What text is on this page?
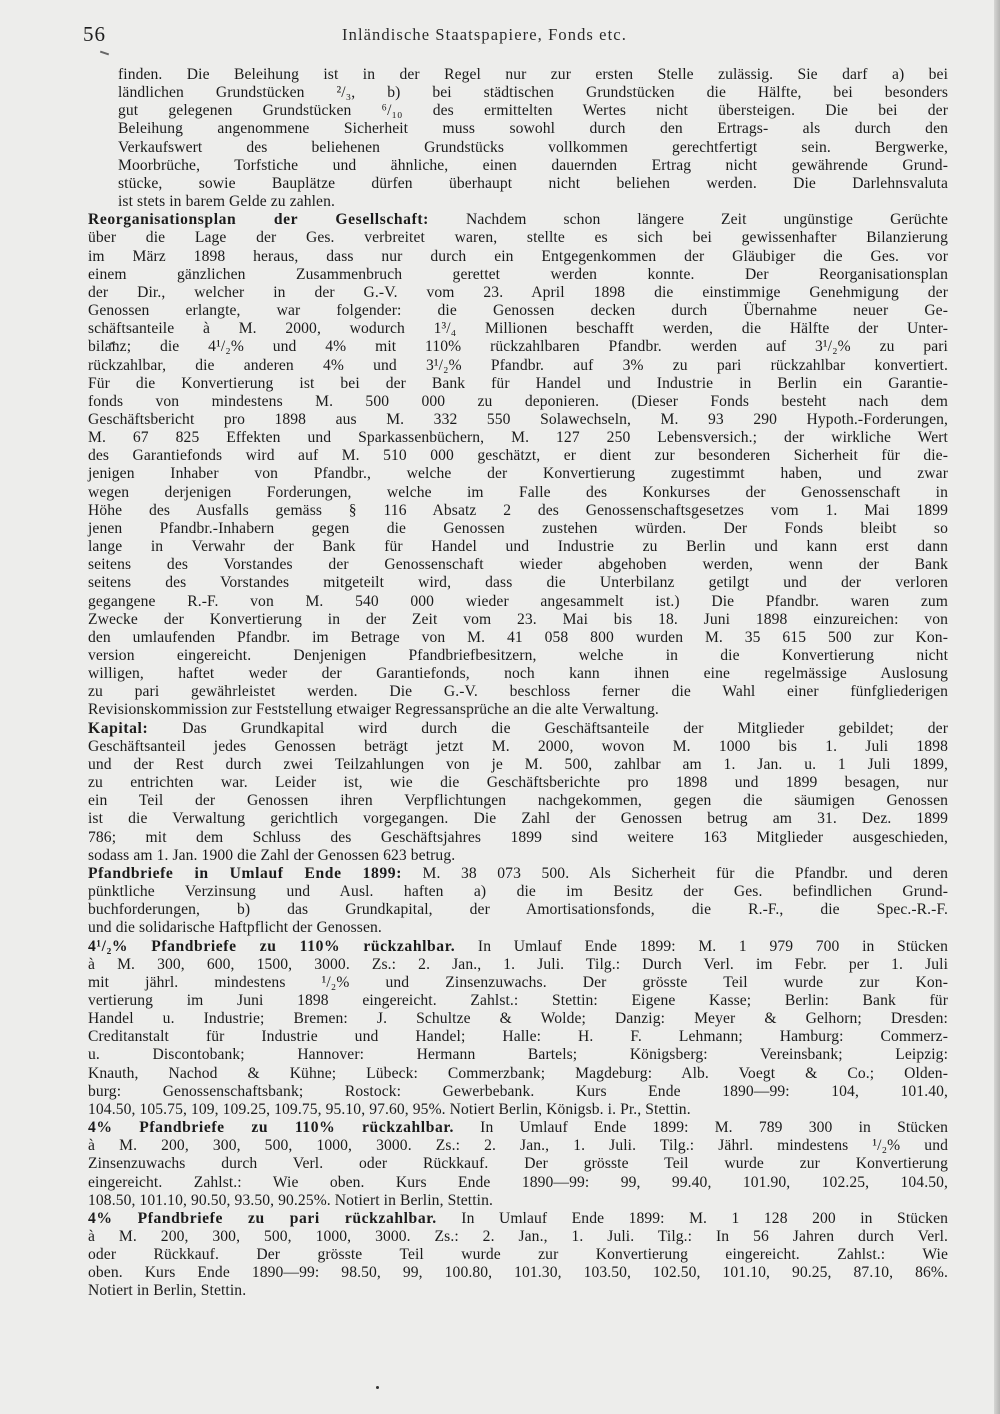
56	Inländische Staatspapiere, Fonds etc.
finden. Die Beleihung ist in der Regel nur zur ersten Stelle zulässig. Sie darf a) bei
ländlichen Grundstücken ²/₃, b) bei städtischen Grundstücken die Hälfte, bei besonders
gut gelegenen Grundstücken ⁶/₁₀ des ermittelten Wertes nicht übersteigen. Die bei der
Beleihung angenommene Sicherheit muss sowohl durch den Ertrags- als durch den
Verkaufswert des beliehenen Grundstücks vollkommen gerechtfertigt sein. Bergwerke,
Moorbrüche, Torfstiche und ähnliche, einen dauernden Ertrag nicht gewährende Grund-
stücke, sowie Bauplätze dürfen überhaupt nicht beliehen werden. Die Darlehnsvaluta
ist stets in barem Gelde zu zahlen.
Reorganisationsplan der Gesellschaft: Nachdem schon längere Zeit ungünstige Gerüchte
über die Lage der Ges. verbreitet waren, stellte es sich bei gewissenhafter Bilanzierung
im März 1898 heraus, dass nur durch ein Entgegenkommen der Gläubiger die Ges. vor
einem gänzlichen Zusammenbruch gerettet werden konnte. Der Reorganisationsplan
der Dir., welcher in der G.-V. vom 23. April 1898 die einstimmige Genehmigung der
Genossen erlangte, war folgender: die Genossen decken durch Übernahme neuer Ge-
schäftsanteile à M. 2000, wodurch 1³/₄ Millionen beschafft werden, die Hälfte der Unter-
bilanz; die 4¹/₂% und 4% mit 110% rückzahlbaren Pfandbr. werden auf 3¹/₂% zu pari
rückzahlbar, die anderen 4% und 3¹/₂% Pfandbr. auf 3% zu pari rückzahlbar konvertiert.
Für die Konvertierung ist bei der Bank für Handel und Industrie in Berlin ein Garantie-
fonds von mindestens M. 500 000 zu deponieren. (Dieser Fonds besteht nach dem
Geschäftsbericht pro 1898 aus M. 332 550 Solawechseln, M. 93 290 Hypoth.-Forderungen,
M. 67 825 Effekten und Sparkassenbüchern, M. 127 250 Lebensversich.; der wirkliche Wert
des Garantiefonds wird auf M. 510 000 geschätzt, er dient zur besonderen Sicherheit für die-
jenigen Inhaber von Pfandbr., welche der Konvertierung zugestimmt haben, und zwar
wegen derjenigen Forderungen, welche im Falle des Konkurses der Genossenschaft in
Höhe des Ausfalls gemäss § 116 Absatz 2 des Genossenschaftsgesetzes vom 1. Mai 1899
jenen Pfandbr.-Inhabern gegen die Genossen zustehen würden. Der Fonds bleibt so
lange in Verwahr der Bank für Handel und Industrie zu Berlin und kann erst dann
seitens des Vorstandes der Genossenschaft wieder abgehoben werden, wenn der Bank
seitens des Vorstandes mitgeteilt wird, dass die Unterbilanz getilgt und der verloren
gegangene R.-F. von M. 540 000 wieder angesammelt ist.) Die Pfandbr. waren zum
Zwecke der Konvertierung in der Zeit vom 23. Mai bis 18. Juni 1898 einzureichen: von
den umlaufenden Pfandbr. im Betrage von M. 41 058 800 wurden M. 35 615 500 zur Kon-
version eingereicht. Denjenigen Pfandbriefbesitzern, welche in die Konvertierung nicht
willigen, haftet weder der Garantiefonds, noch kann ihnen eine regelmässige Auslosung
zu pari gewährleistet werden. Die G.-V. beschloss ferner die Wahl einer fünfgliederigen
Revisionskommission zur Feststellung etwaiger Regressansprüche an die alte Verwaltung.
Kapital: Das Grundkapital wird durch die Geschäftsanteile der Mitglieder gebildet; der
Geschäftsanteil jedes Genossen beträgt jetzt M. 2000, wovon M. 1000 bis 1. Juli 1898
und der Rest durch zwei Teilzahlungen von je M. 500, zahlbar am 1. Jan. u. 1 Juli 1899,
zu entrichten war. Leider ist, wie die Geschäftsberichte pro 1898 und 1899 besagen, nur
ein Teil der Genossen ihren Verpflichtungen nachgekommen, gegen die säumigen Genossen
ist die Verwaltung gerichtlich vorgegangen. Die Zahl der Genossen betrug am 31. Dez. 1899
786; mit dem Schluss des Geschäftsjahres 1899 sind weitere 163 Mitglieder ausgeschieden,
sodass am 1. Jan. 1900 die Zahl der Genossen 623 betrug.
Pfandbriefe in Umlauf Ende 1899: M. 38 073 500. Als Sicherheit für die Pfandbr. und deren
pünktliche Verzinsung und Ausl. haften a) die im Besitz der Ges. befindlichen Grund-
buchforderungen, b) das Grundkapital, der Amortisationsfonds, die R.-F., die Spec.-R.-F.
und die solidarische Haftpflicht der Genossen.
4¹/₂% Pfandbriefe zu 110% rückzahlbar. In Umlauf Ende 1899: M. 1 979 700 in Stücken
à M. 300, 600, 1500, 3000. Zs.: 2. Jan., 1. Juli. Tilg.: Durch Verl. im Febr. per 1. Juli
mit jährl. mindestens ¹/₂% und Zinsenzuwachs. Der grösste Teil wurde zur Kon-
vertierung im Juni 1898 eingereicht. Zahlst.: Stettin: Eigene Kasse; Berlin: Bank für
Handel u. Industrie; Bremen: J. Schultze & Wolde; Danzig: Meyer & Gelhorn; Dresden:
Creditanstalt für Industrie und Handel; Halle: H. F. Lehmann; Hamburg: Commerz-
u. Discontobank; Hannover: Hermann Bartels; Königsberg: Vereinsbank; Leipzig:
Knauth, Nachod & Kühne; Lübeck: Commerzbank; Magdeburg: Alb. Voegt & Co.; Olden-
burg: Genossenschaftsbank; Rostock: Gewerbebank. Kurs Ende 1890—99: 104, 101.40,
104.50, 105.75, 109, 109.25, 109.75, 95.10, 97.60, 95%. Notiert Berlin, Königsb. i. Pr., Stettin.
4% Pfandbriefe zu 110% rückzahlbar. In Umlauf Ende 1899: M. 789 300 in Stücken
à M. 200, 300, 500, 1000, 3000. Zs.: 2. Jan., 1. Juli. Tilg.: Jährl. mindestens ¹/₂% und
Zinsenzuwachs durch Verl. oder Rückkauf. Der grösste Teil wurde zur Konvertierung
eingereicht. Zahlst.: Wie oben. Kurs Ende 1890—99: 99, 99.40, 101.90, 102.25, 104.50,
108.50, 101.10, 90.50, 93.50, 90.25%. Notiert in Berlin, Stettin.
4% Pfandbriefe zu pari rückzahlbar. In Umlauf Ende 1899: M. 1 128 200 in Stücken
à M. 200, 300, 500, 1000, 3000. Zs.: 2. Jan., 1. Juli. Tilg.: In 56 Jahren durch Verl.
oder Rückkauf. Der grösste Teil wurde zur Konvertierung eingereicht. Zahlst.: Wie
oben. Kurs Ende 1890—99: 98.50, 99, 100.80, 101.30, 103.50, 102.50, 101.10, 90.25, 87.10, 86%.
Notiert in Berlin, Stettin.
